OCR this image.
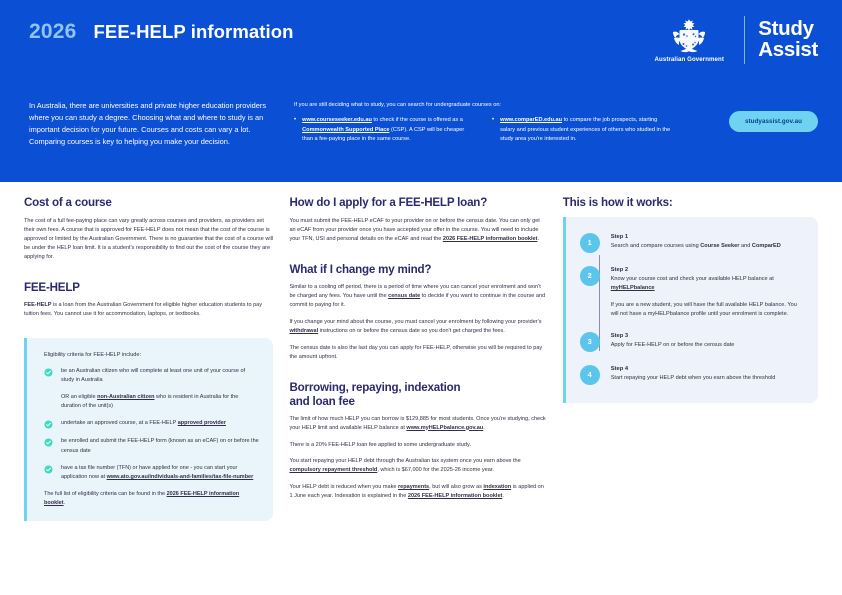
2026 FEE-HELP information
Australian Government
Study
Assist

In Australia, there are universities and private higher education providers where you can study a degree. Choosing what and where to study is an important decision for your future. Courses and costs can vary a lot. Comparing courses is key to helping you make your decision.

If you are still deciding what to study, you can search for undergraduate courses on:
• www.courseseeker.edu.au to check if the course is offered as a Commonwealth Supported Place (CSP). A CSP will be cheaper than a fee-paying place in the same course.
• www.comparED.edu.au to compare the job prospects, starting salary and previous student experiences of others who studied in the study area you're interested in.
studyassist.gov.au
Cost of a course

The cost of a full fee-paying place can vary greatly across courses and providers, as providers set their own fees. A course that is approved for FEE-HELP does not mean that the cost of the course is approved or limited by the Australian Government. There is no guarantee that the cost of a course will be under the HELP loan limit. It is a student's responsibility to find out the cost of the course they are applying for.

FEE-HELP

FEE-HELP is a loan from the Australian Government for eligible higher education students to pay tuition fees. You cannot use it for accommodation, laptops, or textbooks.

Eligibility criteria for FEE-HELP include:
be an Australian citizen who will complete at least one unit of your course of study in Australia
OR an eligible non-Australian citizen who is resident in Australia for the duration of the unit(s)
undertake an approved course, at a FEE-HELP approved provider
be enrolled and submit the FEE-HELP form (known as an eCAF) on or before the census date
have a tax file number (TFN) or have applied for one - you can start your application now at www.ato.gov.au/individuals-and-families/tax-file-number
The full list of eligibility criteria can be found in the 2026 FEE-HELP information booklet.
How do I apply for a FEE-HELP loan?

You must submit the FEE-HELP eCAF to your provider on or before the census date. You can only get an eCAF from your provider once you have accepted your offer in the course. You will need to include your TFN, USI and personal details on the eCAF and read the 2026 FEE-HELP information booklet.

What if I change my mind?

Similar to a cooling off period, there is a period of time where you can cancel your enrolment and won't be charged any fees. You have until the census date to decide if you want to continue in the course and commit to paying for it.

If you change your mind about the course, you must cancel your enrolment by following your provider's withdrawal instructions on or before the census date so you don't get charged the fees.

The census date is also the last day you can apply for FEE-HELP, otherwise you will be required to pay the amount upfront.

Borrowing, repaying, indexation
and loan fee

The limit of how much HELP you can borrow is $129,885 for most students. Once you're studying, check your HELP limit and available HELP balance at www.myHELPbalance.gov.au.

There is a 20% FEE-HELP loan fee applied to some undergraduate study.

You start repaying your HELP debt through the Australian tax system once you earn above the compulsory repayment threshold, which is $67,000 for the 2025-26 income year.

Your HELP debt is reduced when you make repayments, but will also grow as indexation is applied on 1 June each year. Indexation is explained in the 2026 FEE-HELP information booklet.

This is how it works:
1
Step 1
Search and compare courses using Course Seeker and ComparED
2
Step 2
Know your course cost and check your available HELP balance at myHELPbalance
If you are a new student, you will have the full available HELP balance. You will not have a myHELPbalance profile until your enrolment is complete.
3
Step 3
Apply for FEE-HELP on or before the census date
4
Step 4
Start repaying your HELP debt when you earn above the threshold
